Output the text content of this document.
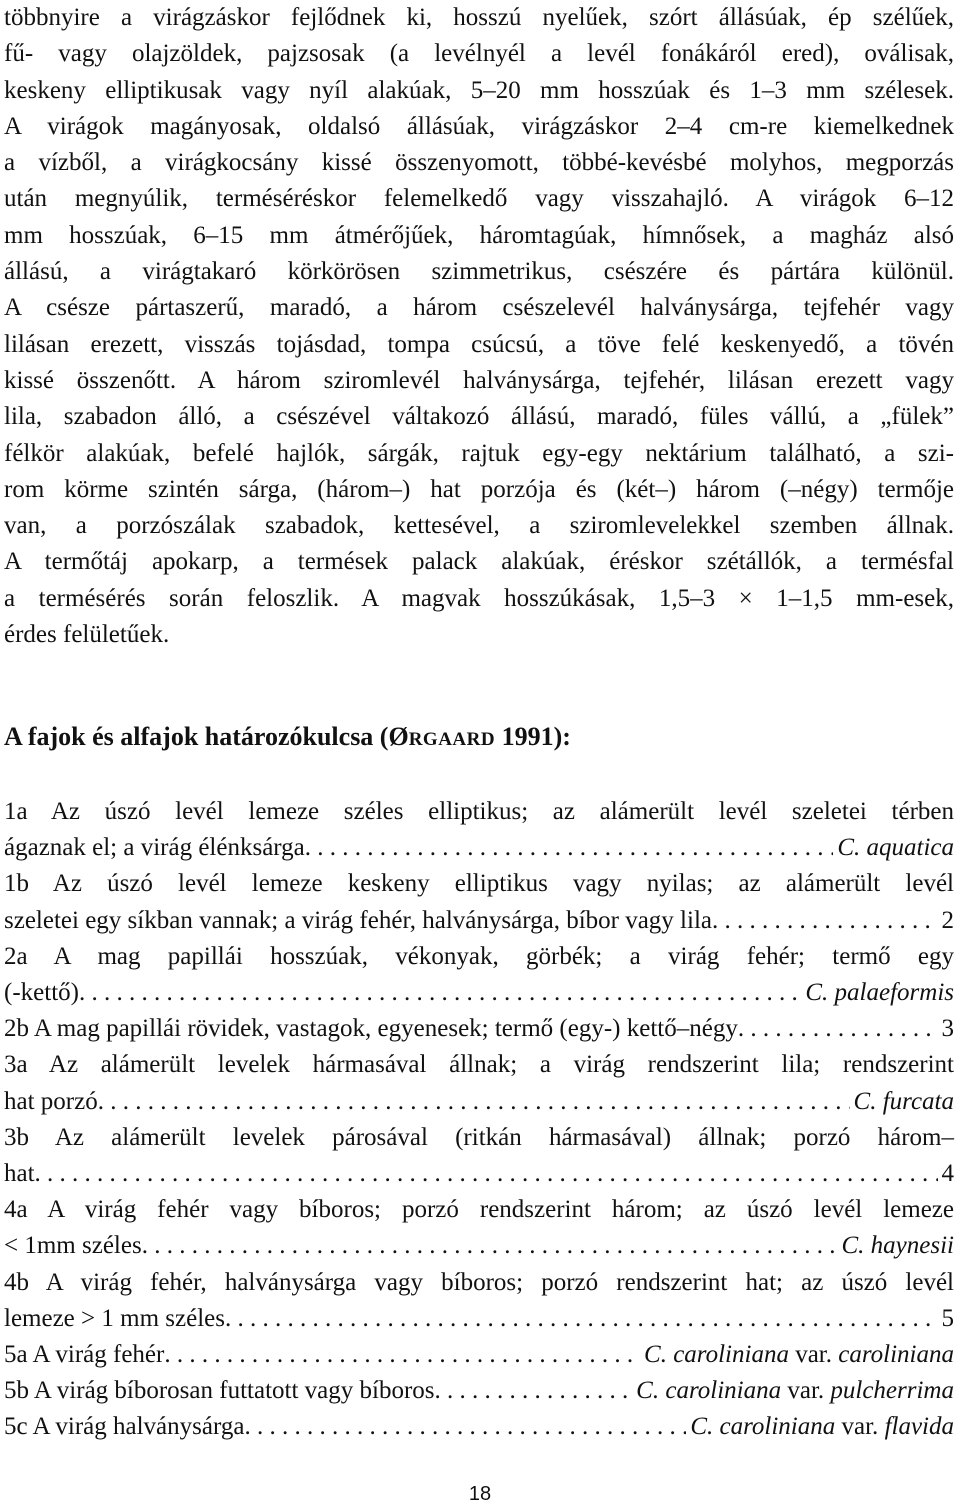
többnyire a virágzáskor fejlődnek ki, hosszú nyelűek, szórt állásúak, ép szélűek,
fű- vagy olajzöldek, pajzsosak (a levélnyél a levél fonákáról ered), oválisak,
keskeny elliptikusak vagy nyíl alakúak, 5–20 mm hosszúak és 1–3 mm szélesek.
A virágok magányosak, oldalsó állásúak, virágzáskor 2–4 cm-re kiemelkednek
a vízből, a virágkocsány kissé összenyomott, többé-kevésbé molyhos, megporzás
után megnyúlik, terméséréskor felemelkedő vagy visszahajló. A virágok 6–12
mm hosszúak, 6–15 mm átmérőjűek, háromtagúak, hímnősek, a magház alsó
állású, a virágtakaró körkörösen szimmetrikus, csészére és pártára különül.
A csésze pártaszerű, maradó, a három csészelevél halványsárga, tejfehér vagy
lilásan erezett, visszás tojásdad, tompa csúcsú, a töve felé keskenyedő, a tövén
kissé összenőtt. A három sziromlevél halványsárga, tejfehér, lilásan erezett vagy
lila, szabadon álló, a csészével váltakozó állású, maradó, füles vállú, a „fülek”
félkör alakúak, befelé hajlók, sárgák, rajtuk egy-egy nektárium található, a szi-
rom körme szintén sárga, (három–) hat porzója és (két–) három (–négy) termője
van, a porzószálak szabadok, kettesével, a sziromlevelekkel szemben állnak.
A termőtáj apokarp, a termések palack alakúak, éréskor szétállók, a termésfal
a termésérés során feloszlik. A magvak hosszúkásak, 1,5–3 × 1–1,5 mm-esek,
érdes felületűek.
A fajok és alfajok határozókulcsa (ØRGAARD 1991):
1a Az úszó levél lemeze széles elliptikus; az alámerült levél szeletei térben
ágaznak el; a virág élénksárga . . .	C. aquatica
1b Az úszó levél lemeze keskeny elliptikus vagy nyilas; az alámerült levél
szeletei egy síkban vannak; a virág fehér, halványsárga, bíbor vagy lila . . .	2
2a A mag papillái hosszúak, vékonyak, görbék; a virág fehér; termő egy
(-kettő) . . .	C. palaeformis
2b A mag papillái rövidek, vastagok, egyenesek; termő (egy-) kettő–négy . . .	3
3a Az alámerült levelek hármasával állnak; a virág rendszerint lila; rendszerint
hat porzó . . .	C. furcata
3b Az alámerült levelek párosával (ritkán hármasával) állnak; porzó három–
hat . . .	4
4a A virág fehér vagy bíboros; porzó rendszerint három; az úszó levél lemeze
< 1mm széles . . .	C. haynesii
4b A virág fehér, halványsárga vagy bíboros; porzó rendszerint hat; az úszó levél
lemeze > 1 mm széles . . .	5
5a A virág fehér . . .	C. caroliniana var. caroliniana
5b A virág bíborosan futtatott vagy bíboros . . .	C. caroliniana var. pulcherrima
5c A virág halványsárga . . .	C. caroliniana var. flavida
18
